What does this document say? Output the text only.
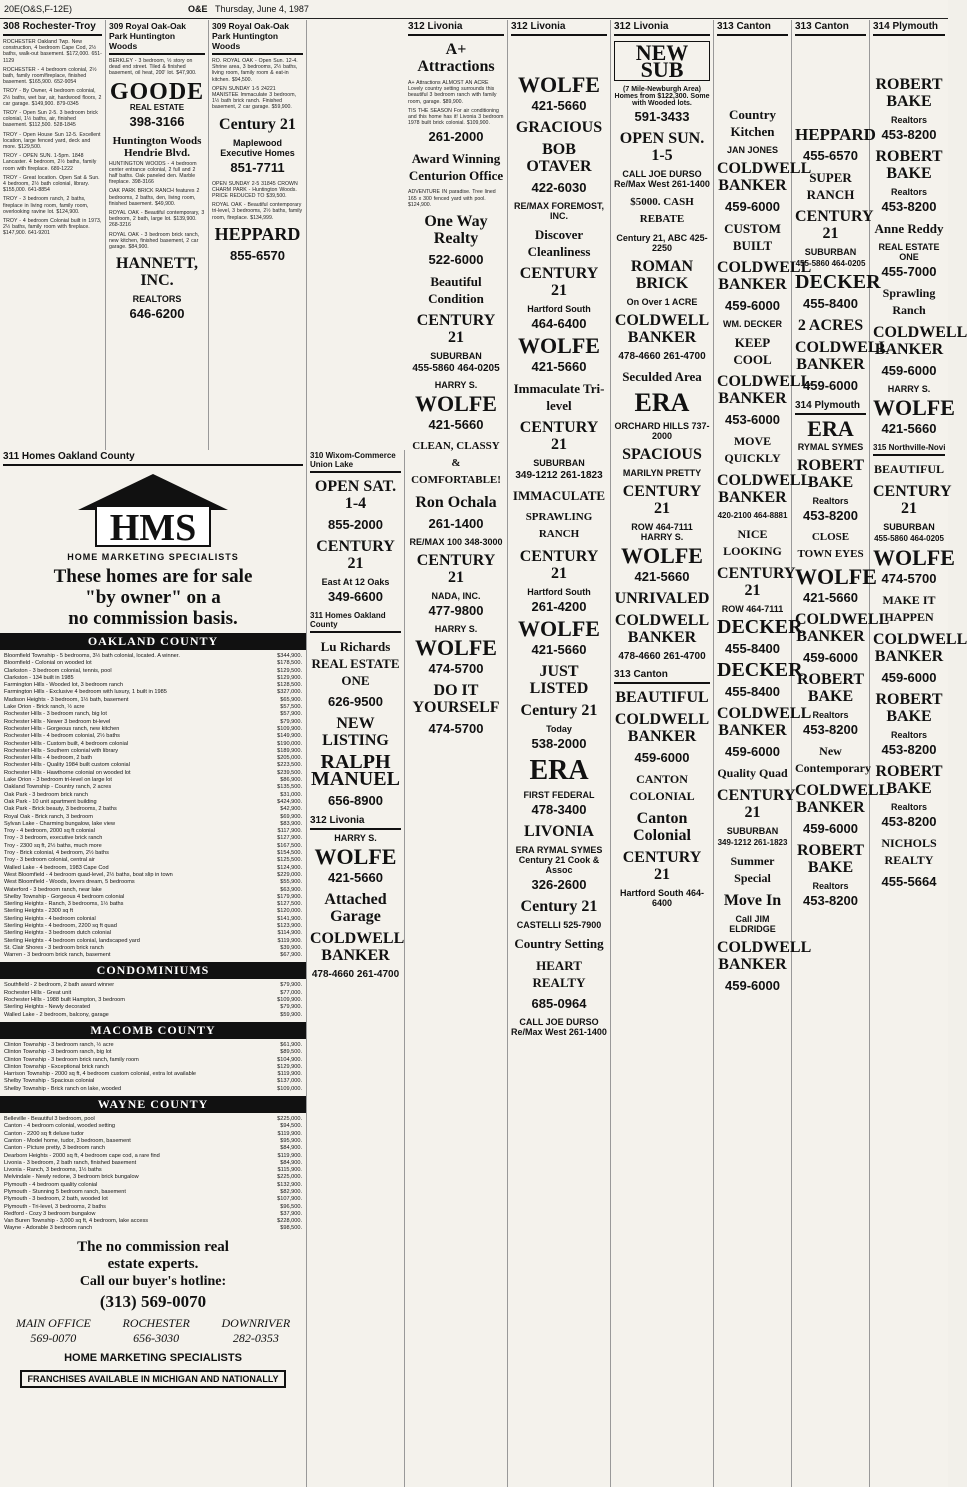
20E(O&S,F-12E)	O&E Thursday, June 4, 1987
308 Rochester-Troy

ROCHESTER Oakland Twp. New construction, 4 bedroom Cape Cod, 2½ baths, walk-out basement. $172,000. 651-1129

ROCHESTER - 4 bedroom colonial, 2½ bath, family room/fireplace, finished basement. $165,900. 652-9054

TROY - By Owner, 4 bedroom colonial, 2½ baths, wet bar, air, hardwood floors, 2 car garage. $149,900. 879-0345

TROY - Open Sun 2-5. 3 bedroom brick colonial, 1½ baths, air, finished basement. $112,500. 528-1845

TROY - Open House Sun 12-5. Excellent location, large fenced yard, deck and more. $129,500.

TROY - OPEN SUN. 1-5pm. 1848 Lancaster. 4 bedroom, 2½ baths, family room with fireplace. 689-1222

TROY - Great location. Open Sat & Sun. 4 bedroom, 2½ bath colonial, library. $155,000. 641-8854

TROY - 3 bedroom ranch, 2 baths, fireplace in living room, family room, overlooking ravine lot. $124,900.

TROY - 4 bedroom Colonial built in 1973, 2½ baths, family room with fireplace. $147,900. 641-9201

309 Royal Oak-Oak Park Huntington Woods

BERKLEY - 3 bedroom, ½ story on dead end street. Tiled & finished basement, oil heat, 200' lot. $47,900.

GOODE
REAL ESTATE
398-3166
Huntington Woods Hendrie Blvd.

HUNTINGTON WOODS - 4 bedroom center entrance colonial, 2 full and 2 half baths. Oak paneled den. Marble fireplace. 398-3166

OAK PARK BRICK RANCH features 2 bedrooms, 2 baths, den, living room, finished basement. $49,900.

ROYAL OAK - Beautiful contemporary, 3 bedroom, 2 bath, large lot. $139,900. 268-3216

ROYAL OAK - 3 bedroom brick ranch, new kitchen, finished basement, 2 car garage. $84,900.

HANNETT, INC.
REALTORS
646-6200
311 Homes Oakland County
HMS
HOME MARKETING SPECIALISTS
These homes are for sale
"by owner" on a
no commission basis.
OAKLAND COUNTY
Bloomfield Township - 5 bedrooms, 3½ bath colonial, located. A winner.	$344,900.
Bloomfield - Colonial on wooded lot	$178,500.
Clarkston - 3 bedroom colonial, tennis, pool	$129,500.
Clarkston - 134 built in 1985	$129,900.
Farmington Hills - Wooded lot, 3 bedroom ranch	$128,500.
Farmington Hills - Exclusive 4 bedroom with luxury, 1 built in 1985	$327,000.
Madison Heights - 3 bedroom, 1½ bath, basement	$65,900.
Lake Orion - Brick ranch, ½ acre	$57,500.
Rochester Hills - 3 bedroom ranch, big lot	$57,900.
Rochester Hills - Newer 3 bedroom bi-level	$79,900.
Rochester Hills - Gorgeous ranch, new kitchen	$109,900.
Rochester Hills - 4 bedroom colonial, 2½ baths	$149,900.
Rochester Hills - Custom built, 4 bedroom colonial	$190,000.
Rochester Hills - Southern colonial with library	$189,900.
Rochester Hills - 4 bedroom, 2 bath	$205,000.
Rochester Hills - Quality 1984 built custom colonial	$223,500.
Rochester Hills - Hawthorne colonial on wooded lot	$239,500.
Lake Orion - 3 bedroom tri-level on large lot	$86,900.
Oakland Township - Country ranch, 2 acres	$135,500.
Oak Park - 3 bedroom brick ranch	$31,000.
Oak Park - 10 unit apartment building	$424,900.
Oak Park - Brick beauty, 3 bedrooms, 2 baths	$42,900.
Royal Oak - Brick ranch, 3 bedroom	$69,900.
Sylvan Lake - Charming bungalow, lake view	$83,900.
Troy - 4 bedroom, 2000 sq ft colonial	$117,900.
Troy - 3 bedroom, executive brick ranch	$127,900.
Troy - 2300 sq ft, 2½ baths, much more	$167,500.
Troy - Brick colonial, 4 bedroom, 2½ baths	$154,500.
Troy - 3 bedroom colonial, central air	$125,500.
Walled Lake - 4 bedroom, 1983 Cape Cod	$124,900.
West Bloomfield - 4 bedroom quad-level, 2½ baths, boat slip in town	$229,000.
West Bloomfield - Woods, lovers dream, 5 bedrooms	$55,900.
Waterford - 3 bedroom ranch, near lake	$63,900.
Shelby Township - Gorgeous 4 bedroom colonial	$179,900.
Sterling Heights - Ranch, 3 bedrooms, 1½ baths	$127,500.
Sterling Heights - 2300 sq ft	$120,000.
Sterling Heights - 4 bedroom colonial	$141,900.
Sterling Heights - 4 bedroom, 2200 sq ft quad	$123,900.
Sterling Heights - 3 bedroom dutch colonial	$114,900.
Sterling Heights - 4 bedroom colonial, landscaped yard	$119,900.
St. Clair Shores - 3 bedroom brick ranch	$39,900.
Warren - 3 bedroom brick ranch, basement	$67,900.
CONDOMINIUMS
Southfield - 2 bedroom, 2 bath award winner	$79,900.
Rochester Hills - Great unit	$77,000.
Rochester Hills - 1988 built Hampton, 3 bedroom	$109,900.
Sterling Heights - Newly decorated	$79,900.
Walled Lake - 2 bedroom, balcony, garage	$59,900.
MACOMB COUNTY
Clinton Township - 3 bedroom ranch, ½ acre	$61,900.
Clinton Township - 3 bedroom ranch, big lot	$89,500.
Clinton Township - 3 bedroom brick ranch, family room	$104,900.
Clinton Township - Exceptional brick ranch	$129,900.
Harrison Township - 2000 sq ft, 4 bedroom custom colonial, extra lot available	$119,900.
Shelby Township - Spacious colonial	$137,000.
Shelby Township - Brick ranch on lake, wooded	$109,000.
WAYNE COUNTY
Belleville - Beautiful 3 bedroom, pool	$225,000.
Canton - 4 bedroom colonial, wooded setting	$94,500.
Canton - 2200 sq ft deluxe tudor	$119,900.
Canton - Model home, tudor, 3 bedroom, basement	$95,900.
Canton - Picture pretty, 3 bedroom ranch	$84,900.
Dearborn Heights - 2000 sq ft, 4 bedroom cape cod, a rare find	$119,900.
Livonia - 3 bedroom, 2 bath ranch, finished basement	$84,900.
Livonia - Ranch, 3 bedrooms, 1½ baths	$115,900.
Melvindale - Newly redone, 3 bedroom brick bungalow	$225,000.
Plymouth - 4 bedroom quality colonial	$132,900.
Plymouth - Stunning 5 bedroom ranch, basement	$82,900.
Plymouth - 3 bedroom, 2 bath, wooded lot	$107,900.
Plymouth - Tri-level, 3 bedrooms, 2 baths	$96,500.
Redford - Cozy 3 bedroom bungalow	$37,900.
Van Buren Township - 3,000 sq ft, 4 bedroom, lake access	$228,000.
Wayne - Adorable 3 bedroom ranch	$98,500.
The no commission real
estate experts.
Call our buyer's hotline:
(313) 569-0070
MAIN OFFICE
569-0070
ROCHESTER
656-3030
DOWNRIVER
282-0353
HOME MARKETING SPECIALISTS
FRANCHISES AVAILABLE IN MICHIGAN AND NATIONALLY
309 Royal Oak-Oak Park Huntington Woods

RO. ROYAL OAK - Open Sun. 12-4. Shrine area, 3 bedrooms, 2½ baths, living room, family room & eat-in kitchen. $94,500.

OPEN SUNDAY 1-5 24221 MANISTEE Immaculate 3 bedroom, 1½ bath brick ranch. Finished basement, 2 car garage. $59,900.

Century 21
Maplewood Executive Homes
851-7711

OPEN SUNDAY 2-5 31845 CROWN CHARM PARK - Huntington Woods. PRICE REDUCED TO $39,500.

ROYAL OAK - Beautiful contemporary tri-level, 3 bedrooms, 2½ baths, family room, fireplace. $134,999.

HEPPARD
855-6570
310 Wixom-Commerce Union Lake
OPEN SAT. 1-4
855-2000
CENTURY 21
East At 12 Oaks
349-6600
311 Homes Oakland County
Lu Richards REAL ESTATE ONE
626-9500
NEW LISTING
RALPH MANUEL
656-8900
312 Livonia
HARRY S.
WOLFE
421-5660
Attached Garage
COLDWELL BANKER
478-4660 261-4700
312 Livonia
A+ Attractions

A+ Attractions ALMOST AN ACRE Lovely country setting surrounds this beautiful 3 bedroom ranch with family room, garage. $89,900.

TIS THE SEASON For air conditioning and this home has it! Livonia 3 bedroom 1978 built brick colonial. $109,900.

261-2000
Award Winning Centurion Office

ADVENTURE IN paradise. Tree lined 165 x 300 fenced yard with pool. $124,900.

One Way Realty
522-6000
Beautiful Condition
CENTURY 21
SUBURBAN
455-5860 464-0205
HARRY S.
WOLFE
421-5660
CLEAN, CLASSY & COMFORTABLE!
Ron Ochala
261-1400
RE/MAX 100 348-3000
CENTURY 21
NADA, INC.
477-9800
HARRY S.
WOLFE
474-5700
DO IT YOURSELF
474-5700
312 Livonia
WOLFE
421-5660
GRACIOUS
BOB OTAVER
422-6030
RE/MAX FOREMOST, INC.
Discover Cleanliness
CENTURY 21
Hartford South
464-6400
WOLFE
421-5660
Immaculate Tri-level
CENTURY 21
SUBURBAN
349-1212 261-1823
IMMACULATE
SPRAWLING RANCH
CENTURY 21
Hartford South
261-4200
WOLFE
421-5660
JUST LISTED
Century 21
Today
538-2000
ERA
FIRST FEDERAL
478-3400
LIVONIA
ERA RYMAL SYMES
Century 21 Cook & Assoc
326-2600
Century 21
CASTELLI 525-7900
Country Setting
HEART REALTY
685-0964
CALL JOE DURSO Re/Max West 261-1400
312 Livonia
NEW SUB
(7 Mile-Newburgh Area) Homes from $122,300. Some with Wooded lots.
591-3433
OPEN SUN. 1-5
CALL JOE DURSO Re/Max West 261-1400
$5000. CASH REBATE
Century 21, ABC 425-2250
ROMAN BRICK
On Over 1 ACRE
COLDWELL BANKER
478-4660 261-4700
Seculded Area
ERA
ORCHARD HILLS 737-2000
SPACIOUS
MARILYN PRETTY
CENTURY 21
ROW 464-7111
HARRY S.
WOLFE
421-5660
UNRIVALED
COLDWELL BANKER
478-4660 261-4700
313 Canton
BEAUTIFUL
COLDWELL BANKER
459-6000
CANTON COLONIAL
Canton Colonial
CENTURY 21
Hartford South 464-6400
313 Canton
Country Kitchen
JAN JONES
COLDWELL BANKER
459-6000
CUSTOM BUILT
COLDWELL BANKER
459-6000
WM. DECKER
KEEP COOL
COLDWELL BANKER
453-6000
MOVE QUICKLY
COLDWELL BANKER
420-2100 464-8881
NICE LOOKING
CENTURY 21
ROW 464-7111
DECKER
455-8400
DECKER
455-8400
COLDWELL BANKER
459-6000
Quality Quad
CENTURY 21
SUBURBAN
349-1212 261-1823
Summer Special
Move In
Call JIM ELDRIDGE
COLDWELL BANKER
459-6000
313 Canton
HEPPARD
455-6570
SUPER RANCH
CENTURY 21
SUBURBAN
455-5860 464-0205
DECKER
455-8400
2 ACRES
COLDWELL BANKER
459-6000
314 Plymouth
ERA
RYMAL SYMES
ROBERT BAKE
Realtors
453-8200
CLOSE TOWN EYES
WOLFE
421-5660
COLDWELL BANKER
459-6000
ROBERT BAKE
Realtors
453-8200
New Contemporary
COLDWELL BANKER
459-6000
ROBERT BAKE
Realtors
453-8200
314 Plymouth
ROBERT BAKE
Realtors
453-8200
ROBERT BAKE
Realtors
453-8200
Anne Reddy
REAL ESTATE ONE
455-7000
Sprawling Ranch
COLDWELL BANKER
459-6000
HARRY S.
WOLFE
421-5660
315 Northville-Novi
BEAUTIFUL
CENTURY 21
SUBURBAN
455-5860 464-0205
WOLFE
474-5700
MAKE IT HAPPEN
COLDWELL BANKER
459-6000
ROBERT BAKE
Realtors
453-8200
ROBERT BAKE
Realtors
453-8200
NICHOLS REALTY
455-5664
